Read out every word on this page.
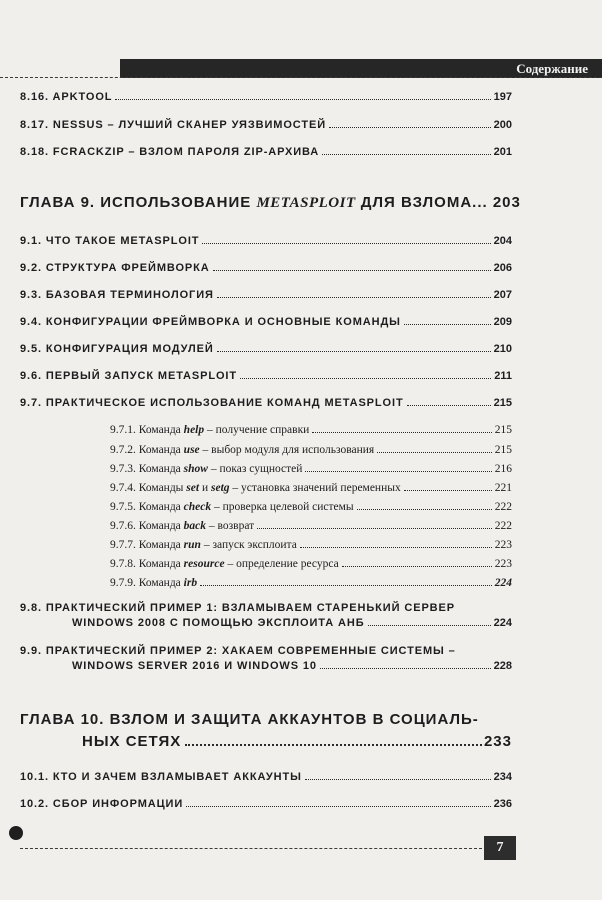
Содержание
8.16. APKTOOL	197
8.17. NESSUS – ЛУЧШИЙ СКАНЕР УЯЗВИМОСТЕЙ	200
8.18. FCRACKZIP – ВЗЛОМ ПАРОЛЯ ZIP-АРХИВА	201
ГЛАВА 9. ИСПОЛЬЗОВАНИЕ METASPLOIT ДЛЯ ВЗЛОМА... 203
9.1. ЧТО ТАКОЕ METASPLOIT	204
9.2. СТРУКТУРА ФРЕЙМВОРКА	206
9.3. БАЗОВАЯ ТЕРМИНОЛОГИЯ	207
9.4. КОНФИГУРАЦИИ ФРЕЙМВОРКА И ОСНОВНЫЕ КОМАНДЫ	209
9.5. КОНФИГУРАЦИЯ МОДУЛЕЙ	210
9.6. ПЕРВЫЙ ЗАПУСК METASPLOIT	211
9.7. ПРАКТИЧЕСКОЕ ИСПОЛЬЗОВАНИЕ КОМАНД METASPLOIT	215
9.7.1. Команда help – получение справки	215
9.7.2. Команда use – выбор модуля для использования	215
9.7.3. Команда show – показ сущностей	216
9.7.4. Команды set и setg – установка значений переменных	221
9.7.5. Команда check – проверка целевой системы	222
9.7.6. Команда back – возврат	222
9.7.7. Команда run – запуск эксплоита	223
9.7.8. Команда resource – определение ресурса	223
9.7.9. Команда irb	224
9.8. ПРАКТИЧЕСКИЙ ПРИМЕР 1: ВЗЛАМЫВАЕМ СТАРЕНЬКИЙ СЕРВЕР
WINDOWS 2008 С ПОМОЩЬЮ ЭКСПЛОИТА АНБ	224
9.9. ПРАКТИЧЕСКИЙ ПРИМЕР 2: ХАКАЕМ СОВРЕМЕННЫЕ СИСТЕМЫ –
WINDOWS SERVER 2016 И WINDOWS 10	228
ГЛАВА 10. ВЗЛОМ И ЗАЩИТА АККАУНТОВ В СОЦИАЛЬ-
НЫХ СЕТЯХ	233
10.1. КТО И ЗАЧЕМ ВЗЛАМЫВАЕТ АККАУНТЫ	234
10.2. СБОР ИНФОРМАЦИИ	236
7
